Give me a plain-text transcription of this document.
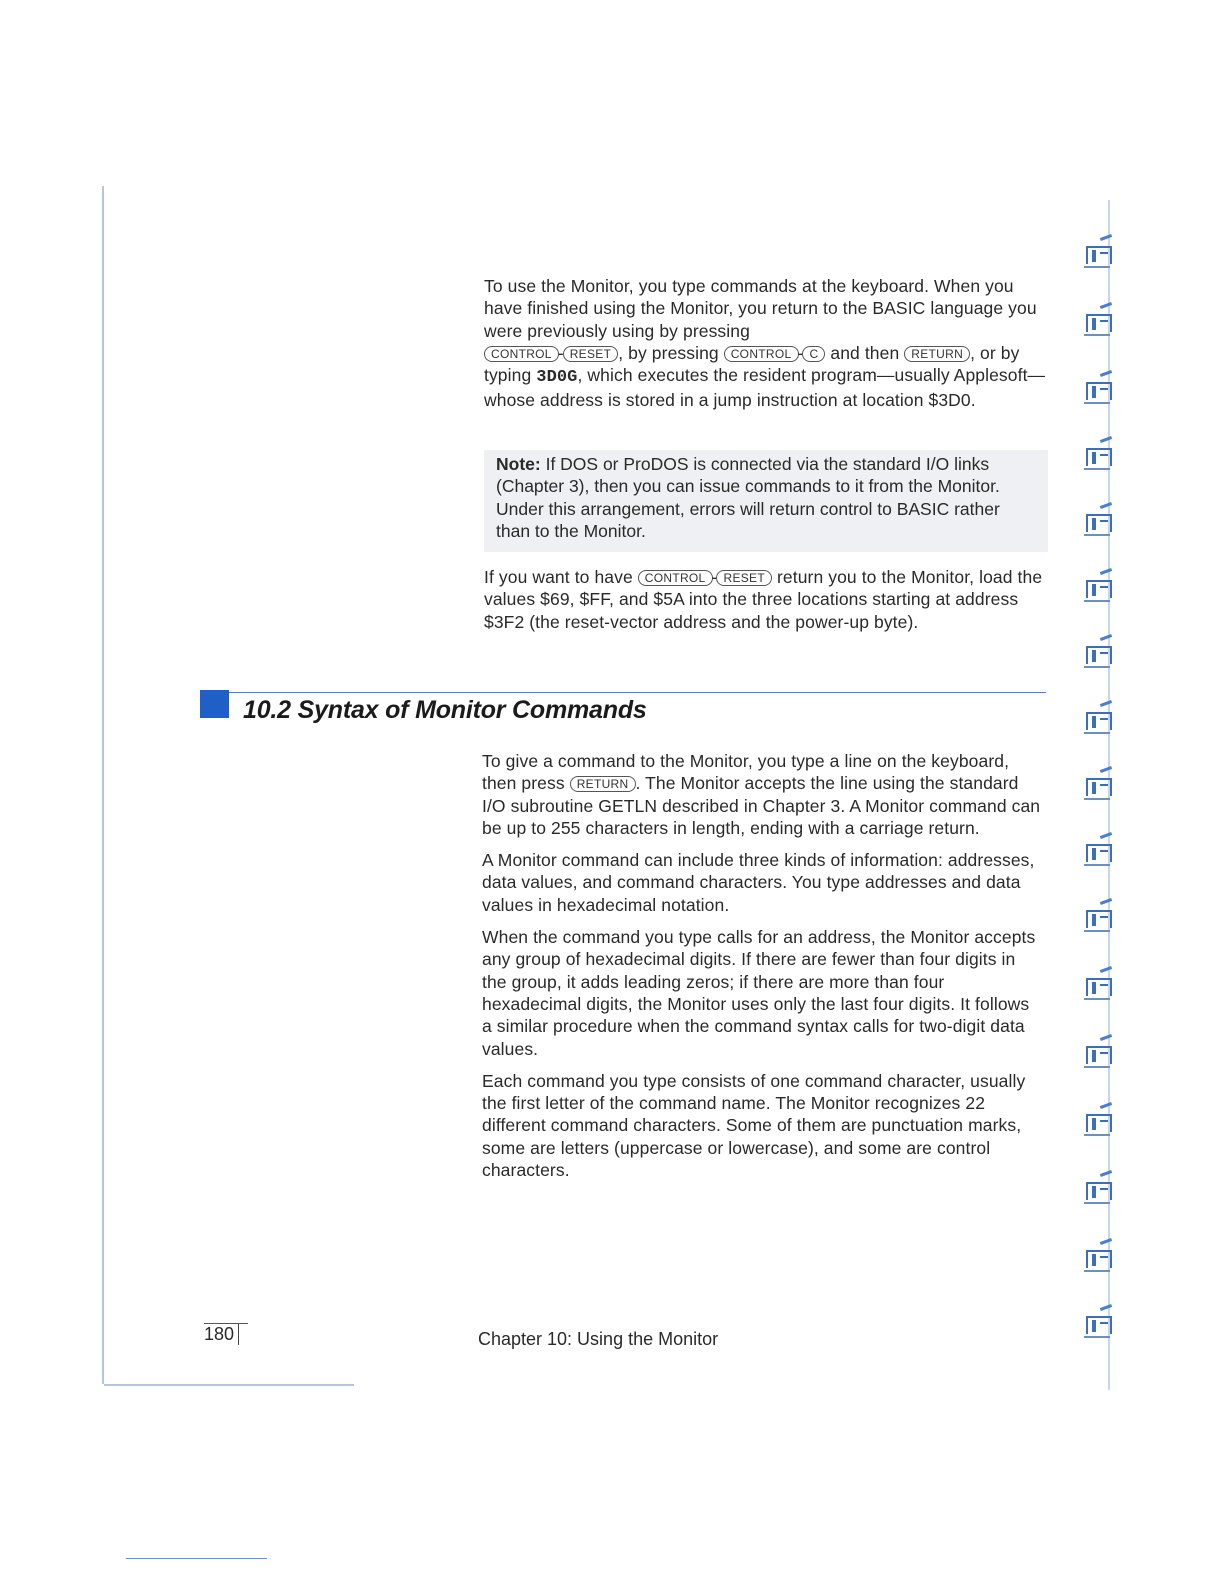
To use the Monitor, you type commands at the keyboard. When you have finished using the Monitor, you return to the BASIC language you were previously using by pressing
CONTROL - RESET , by pressing CONTROL - C and then RETURN , or by typing 3D0G, which executes the resident program—usually Applesoft—whose address is stored in a jump instruction at location $3D0.

Note: If DOS or ProDOS is connected via the standard I/O links (Chapter 3), then you can issue commands to it from the Monitor. Under this arrangement, errors will return control to BASIC rather than to the Monitor.

If you want to have CONTROL - RESET return you to the Monitor, load the values $69, $FF, and $5A into the three locations starting at address $3F2 (the reset-vector address and the power-up byte).

10.2 Syntax of Monitor Commands

To give a command to the Monitor, you type a line on the keyboard, then press RETURN . The Monitor accepts the line using the standard I/O subroutine GETLN described in Chapter 3. A Monitor command can be up to 255 characters in length, ending with a carriage return.

A Monitor command can include three kinds of information: addresses, data values, and command characters. You type addresses and data values in hexadecimal notation.

When the command you type calls for an address, the Monitor accepts any group of hexadecimal digits. If there are fewer than four digits in the group, it adds leading zeros; if there are more than four hexadecimal digits, the Monitor uses only the last four digits. It follows a similar procedure when the command syntax calls for two-digit data values.

Each command you type consists of one command character, usually the first letter of the command name. The Monitor recognizes 22 different command characters. Some of them are punctuation marks, some are letters (uppercase or lowercase), and some are control characters.

180	Chapter 10: Using the Monitor
